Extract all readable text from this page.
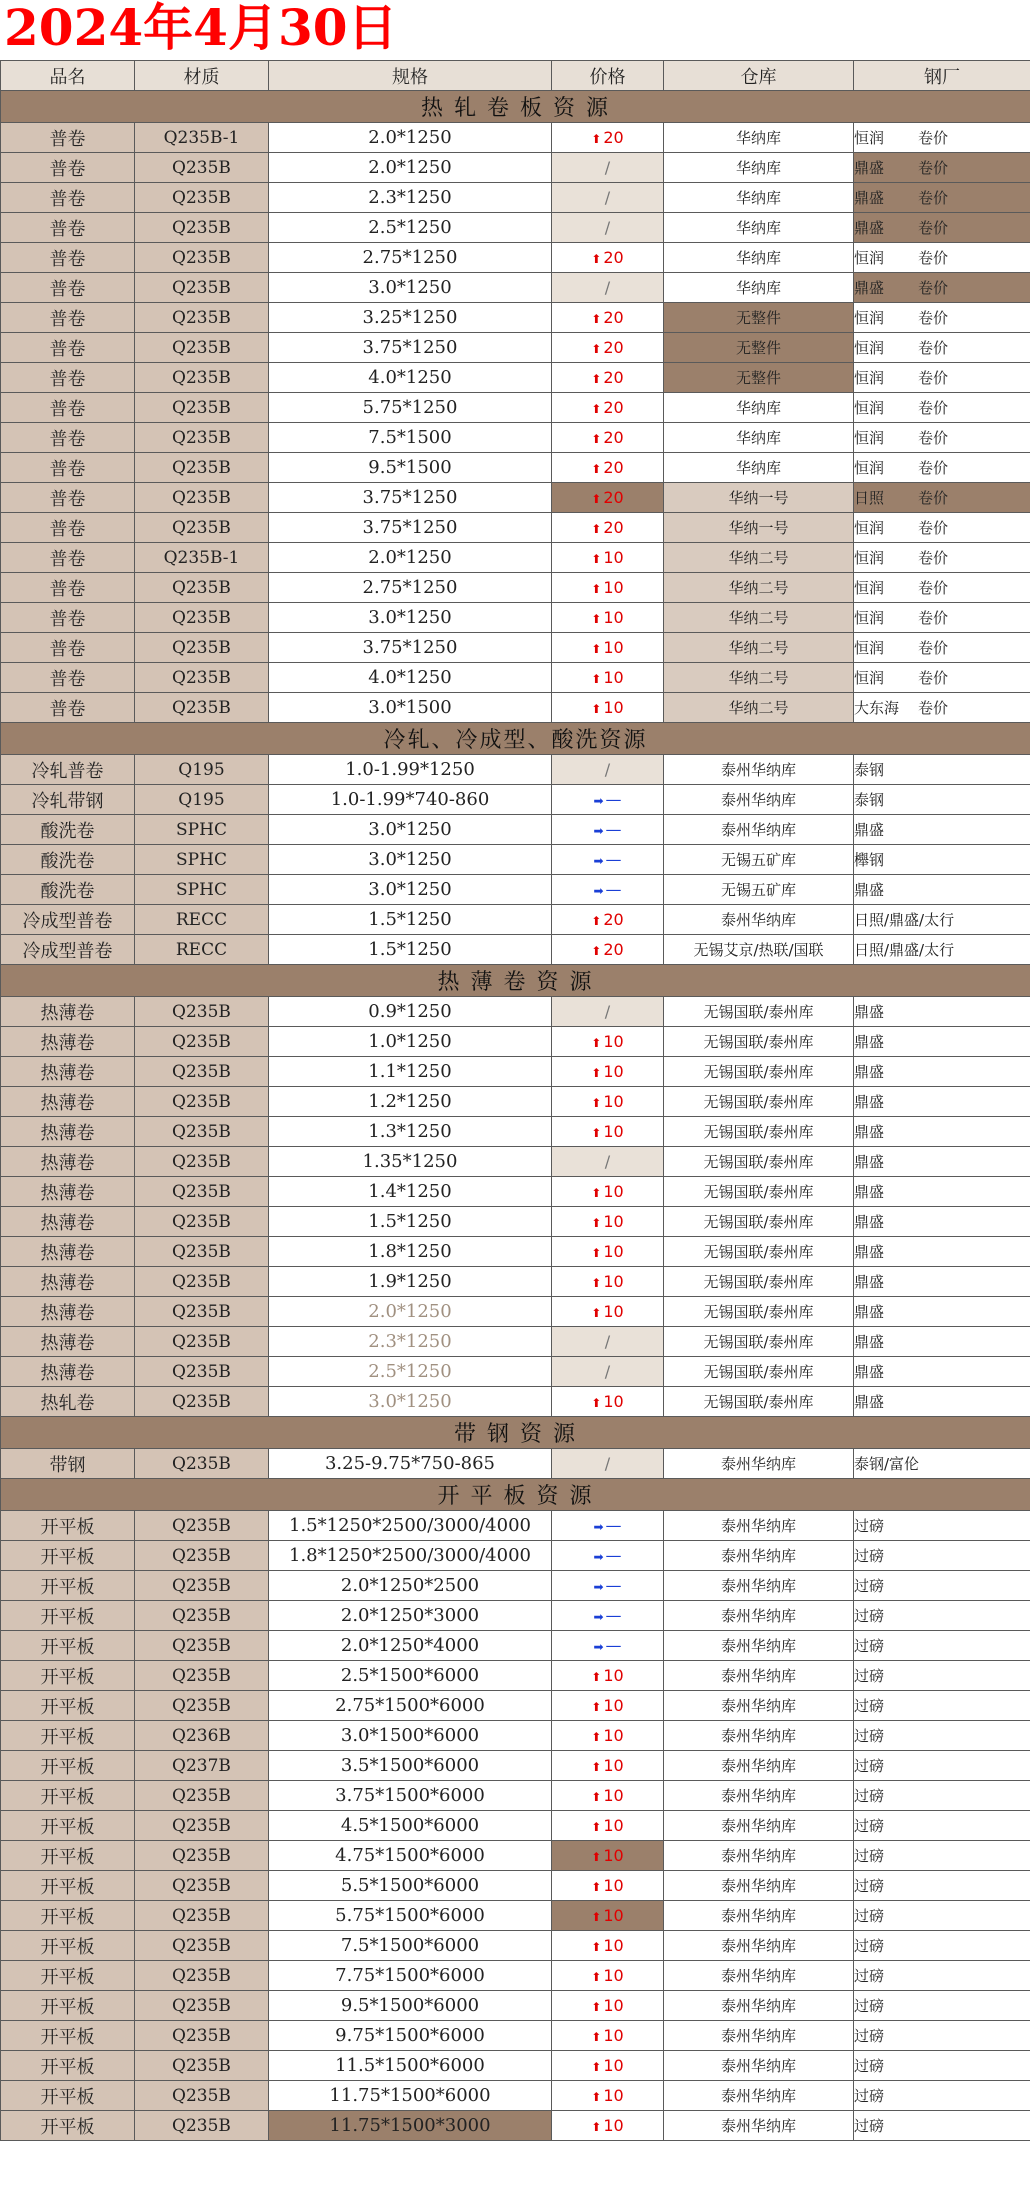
2024年4月30日
品名	材质	规格	价格	仓库	钢厂
热 轧 卷 板 资 源					
普卷	Q235B-1	2.0*1250	⬆ 20	华纳库	恒润 卷价
普卷	Q235B	2.0*1250	/	华纳库	鼎盛 卷价
普卷	Q235B	2.3*1250	/	华纳库	鼎盛 卷价
普卷	Q235B	2.5*1250	/	华纳库	鼎盛 卷价
普卷	Q235B	2.75*1250	⬆ 20	华纳库	恒润 卷价
普卷	Q235B	3.0*1250	/	华纳库	鼎盛 卷价
普卷	Q235B	3.25*1250	⬆ 20	无整件	恒润 卷价
普卷	Q235B	3.75*1250	⬆ 20	无整件	恒润 卷价
普卷	Q235B	4.0*1250	⬆ 20	无整件	恒润 卷价
普卷	Q235B	5.75*1250	⬆ 20	华纳库	恒润 卷价
普卷	Q235B	7.5*1500	⬆ 20	华纳库	恒润 卷价
普卷	Q235B	9.5*1500	⬆ 20	华纳库	恒润 卷价
普卷	Q235B	3.75*1250	⬆ 20	华纳一号	日照 卷价
普卷	Q235B	3.75*1250	⬆ 20	华纳一号	恒润 卷价
普卷	Q235B-1	2.0*1250	⬆ 10	华纳二号	恒润 卷价
普卷	Q235B	2.75*1250	⬆ 10	华纳二号	恒润 卷价
普卷	Q235B	3.0*1250	⬆ 10	华纳二号	恒润 卷价
普卷	Q235B	3.75*1250	⬆ 10	华纳二号	恒润 卷价
普卷	Q235B	4.0*1250	⬆ 10	华纳二号	恒润 卷价
普卷	Q235B	3.0*1500	⬆ 10	华纳二号	大东海 卷价
冷轧、冷成型、酸洗资源					
冷轧普卷	Q195	1.0-1.99*1250	/	泰州华纳库	泰钢
冷轧带钢	Q195	1.0-1.99*740-860	➡ —	泰州华纳库	泰钢
酸洗卷	SPHC	3.0*1250	➡ —	泰州华纳库	鼎盛
酸洗卷	SPHC	3.0*1250	➡ —	无锡五矿库	櫸钢
酸洗卷	SPHC	3.0*1250	➡ —	无锡五矿库	鼎盛
冷成型普卷	RECC	1.5*1250	⬆ 20	泰州华纳库	日照/鼎盛/太行
冷成型普卷	RECC	1.5*1250	⬆ 20	无锡艾京/热联/国联	日照/鼎盛/太行
热 薄 卷 资 源					
热薄卷	Q235B	0.9*1250	/	无锡国联/泰州库	鼎盛
热薄卷	Q235B	1.0*1250	⬆ 10	无锡国联/泰州库	鼎盛
热薄卷	Q235B	1.1*1250	⬆ 10	无锡国联/泰州库	鼎盛
热薄卷	Q235B	1.2*1250	⬆ 10	无锡国联/泰州库	鼎盛
热薄卷	Q235B	1.3*1250	⬆ 10	无锡国联/泰州库	鼎盛
热薄卷	Q235B	1.35*1250	/	无锡国联/泰州库	鼎盛
热薄卷	Q235B	1.4*1250	⬆ 10	无锡国联/泰州库	鼎盛
热薄卷	Q235B	1.5*1250	⬆ 10	无锡国联/泰州库	鼎盛
热薄卷	Q235B	1.8*1250	⬆ 10	无锡国联/泰州库	鼎盛
热薄卷	Q235B	1.9*1250	⬆ 10	无锡国联/泰州库	鼎盛
热薄卷	Q235B	2.0*1250	⬆ 10	无锡国联/泰州库	鼎盛
热薄卷	Q235B	2.3*1250	/	无锡国联/泰州库	鼎盛
热薄卷	Q235B	2.5*1250	/	无锡国联/泰州库	鼎盛
热轧卷	Q235B	3.0*1250	⬆ 10	无锡国联/泰州库	鼎盛
带 钢 资 源					
带钢	Q235B	3.25-9.75*750-865	/	泰州华纳库	泰钢/富伦
开 平 板 资 源					
开平板	Q235B	1.5*1250*2500/3000/4000	➡ —	泰州华纳库	过磅
开平板	Q235B	1.8*1250*2500/3000/4000	➡ —	泰州华纳库	过磅
开平板	Q235B	2.0*1250*2500	➡ —	泰州华纳库	过磅
开平板	Q235B	2.0*1250*3000	➡ —	泰州华纳库	过磅
开平板	Q235B	2.0*1250*4000	➡ —	泰州华纳库	过磅
开平板	Q235B	2.5*1500*6000	⬆ 10	泰州华纳库	过磅
开平板	Q235B	2.75*1500*6000	⬆ 10	泰州华纳库	过磅
开平板	Q236B	3.0*1500*6000	⬆ 10	泰州华纳库	过磅
开平板	Q237B	3.5*1500*6000	⬆ 10	泰州华纳库	过磅
开平板	Q235B	3.75*1500*6000	⬆ 10	泰州华纳库	过磅
开平板	Q235B	4.5*1500*6000	⬆ 10	泰州华纳库	过磅
开平板	Q235B	4.75*1500*6000	⬆ 10	泰州华纳库	过磅
开平板	Q235B	5.5*1500*6000	⬆ 10	泰州华纳库	过磅
开平板	Q235B	5.75*1500*6000	⬆ 10	泰州华纳库	过磅
开平板	Q235B	7.5*1500*6000	⬆ 10	泰州华纳库	过磅
开平板	Q235B	7.75*1500*6000	⬆ 10	泰州华纳库	过磅
开平板	Q235B	9.5*1500*6000	⬆ 10	泰州华纳库	过磅
开平板	Q235B	9.75*1500*6000	⬆ 10	泰州华纳库	过磅
开平板	Q235B	11.5*1500*6000	⬆ 10	泰州华纳库	过磅
开平板	Q235B	11.75*1500*6000	⬆ 10	泰州华纳库	过磅
开平板	Q235B	11.75*1500*3000	⬆ 10	泰州华纳库	过磅
